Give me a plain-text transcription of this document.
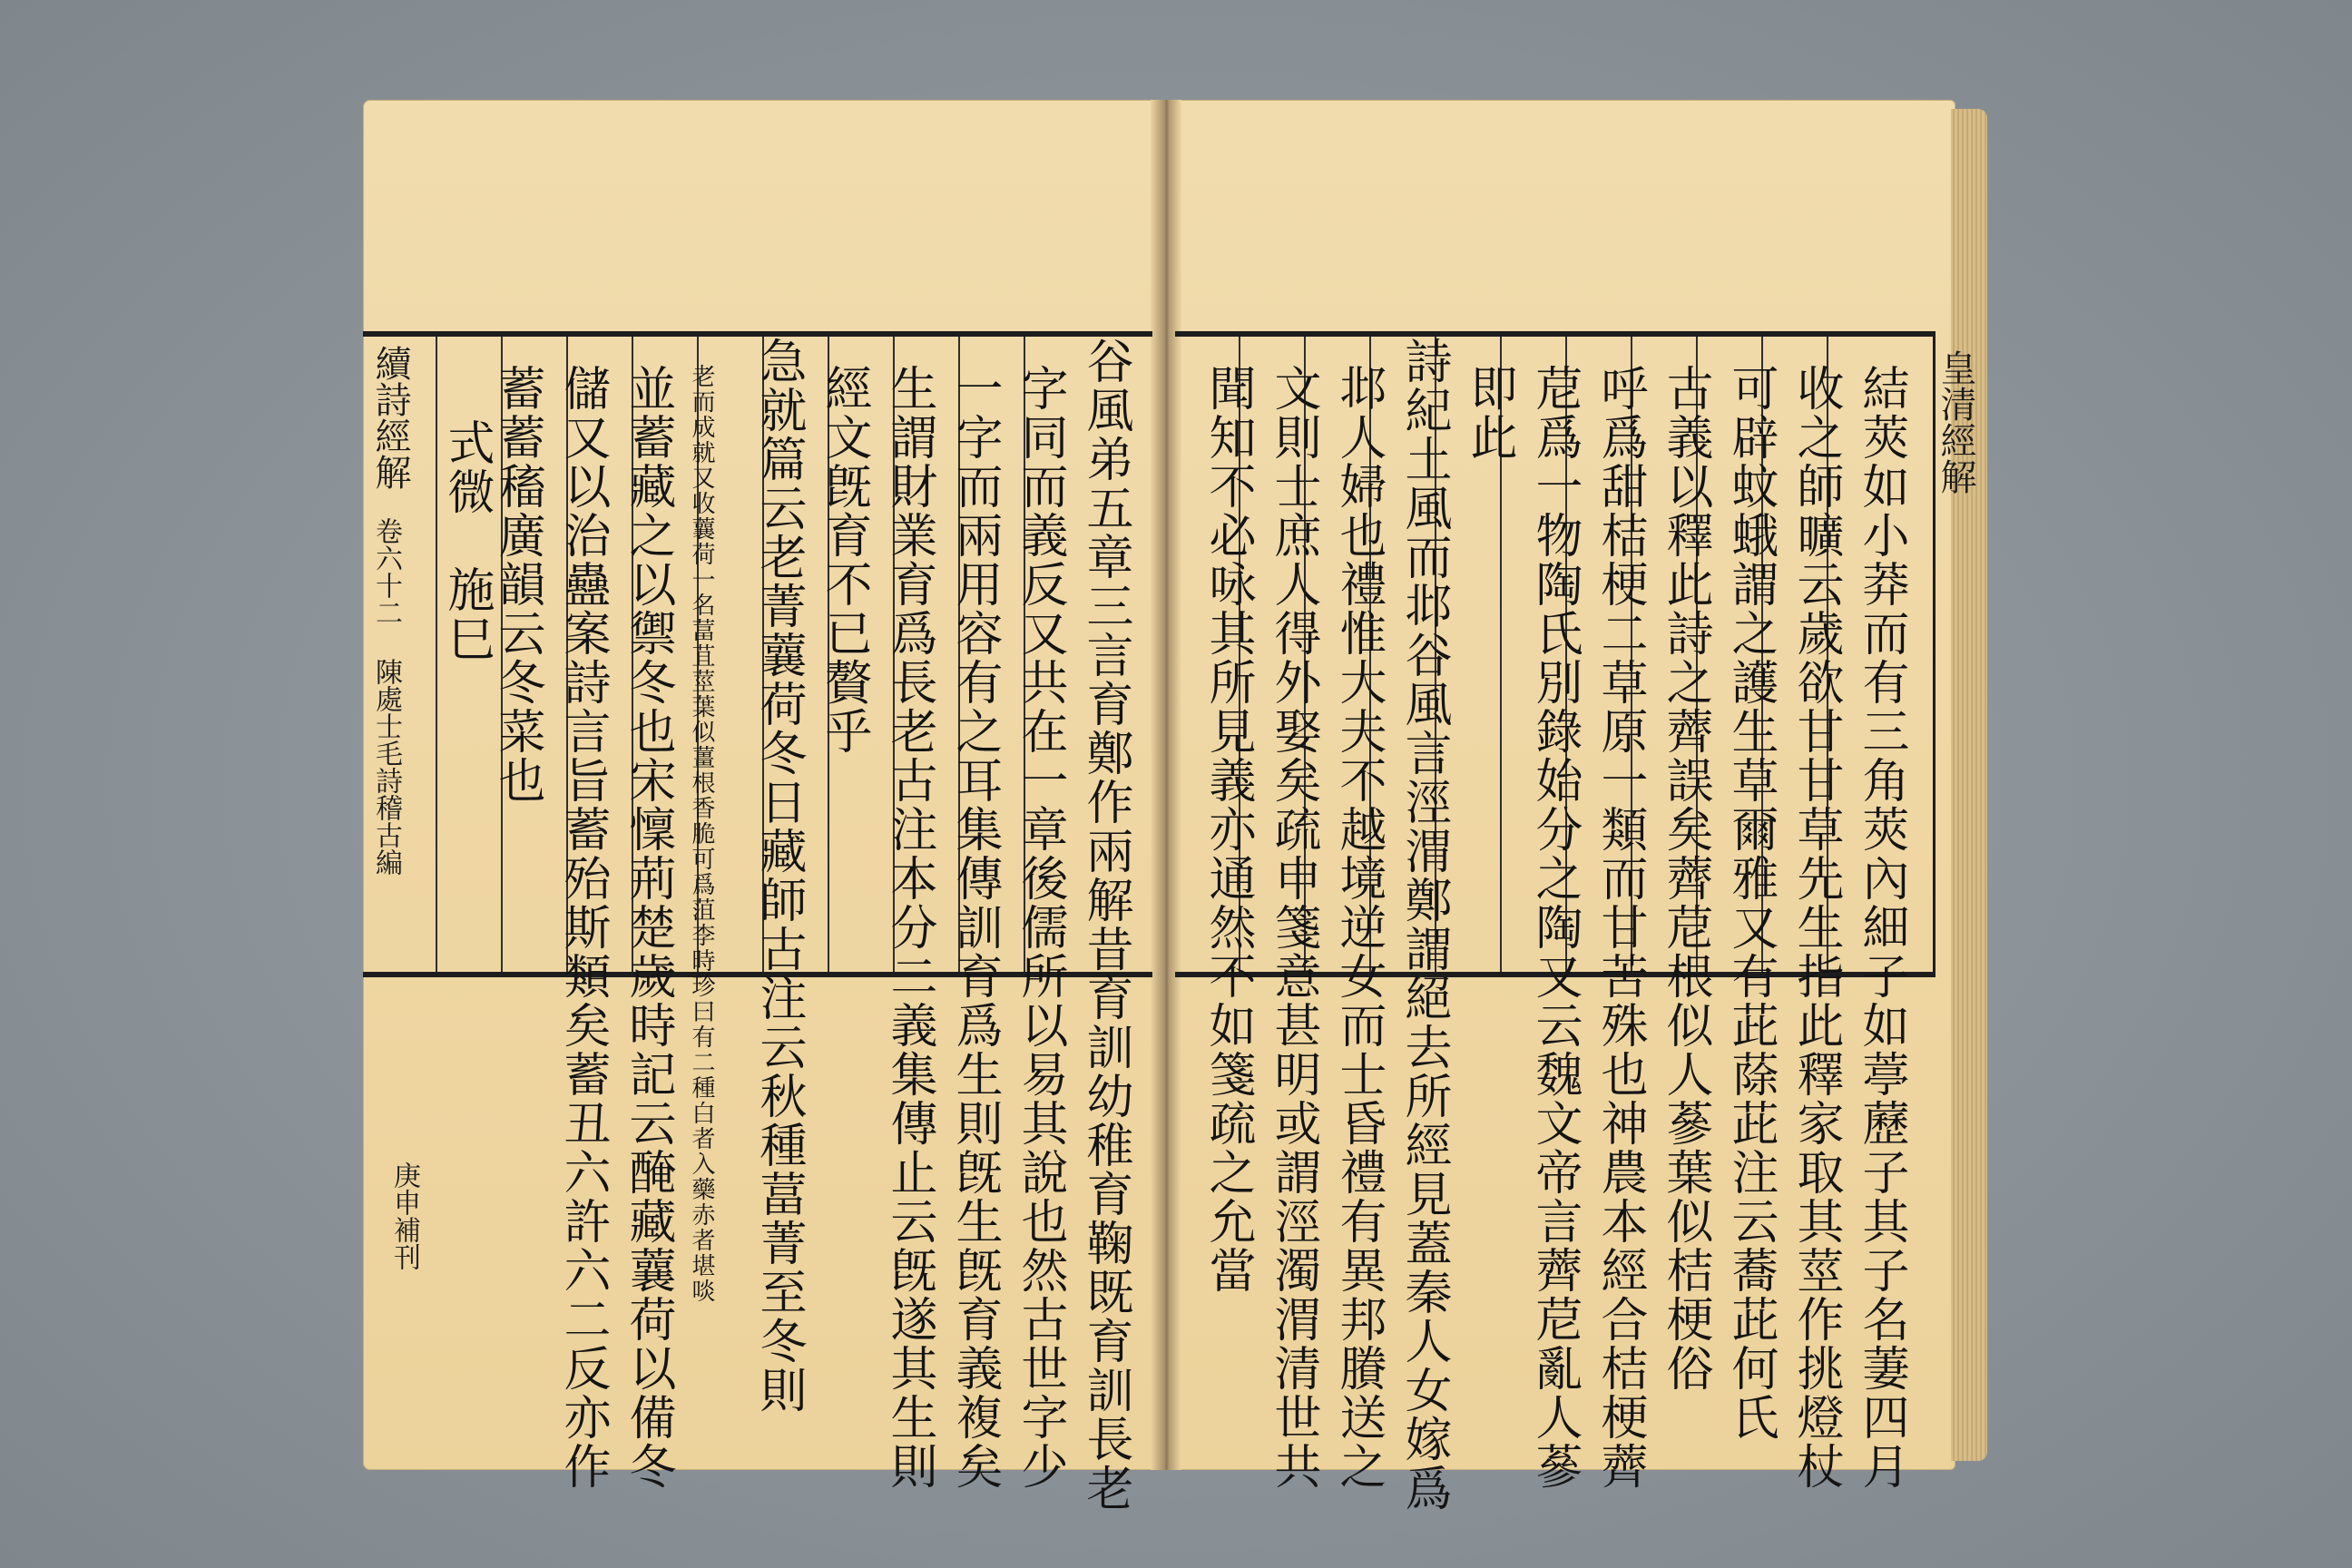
結莢如小莽而有三角莢內細子如葶藶子其子名萋四月
收之師曠云歲欲甘甘草先生指此釋家取其莖作挑燈杖
可辟蚊蛾謂之護生草爾雅又有茈蒢茈注云蕎茈何氏
古義以釋此詩之薺誤矣薺苨根似人蔘葉似桔梗俗
呼爲甜桔梗二草原一類而甘苦殊也神農本經合桔梗薺
苨爲一物陶氏別錄始分之陶又云魏文帝言薺苨亂人蔘
即此
詩紀土風而邶谷風言涇渭鄭謂絕去所經見蓋秦人女嫁爲
邶人婦也禮惟大夫不越境逆女而士昏禮有異邦賸送之
文則士庶人得外娶矣疏申箋意甚明或謂涇濁渭清世共
聞知不必咏其所見義亦通然不如箋疏之允當	皇清經解
谷風弟五章三言育鄭作兩解昔育訓幼稚育鞠既育訓長老
字同而義反又共在一章後儒所以易其說也然古世字少
一字而兩用容有之耳集傳訓育爲生則旣生旣育義複矣
生謂財業育爲長老古注本分二義集傳止云旣遂其生則
經文旣育不已贅乎
急就篇云老菁蘘荷冬日藏師古注云秋種葍菁至冬則
老而成就又收蘘荷一名葍苴莖葉似薑根香脆可爲菹李時珍曰有二種白者入藥赤者堪啖
並蓄藏之以禦冬也宋懍荊楚歲時記云醃藏蘘荷以備冬
儲又以治蠱案詩言旨蓄殆斯類矣蓄丑六許六二反亦作
蓄蓄稸廣韻云冬菜也
式微　施巳
續詩經解
卷六十二 陳處士毛詩稽古編
庚申補刊
